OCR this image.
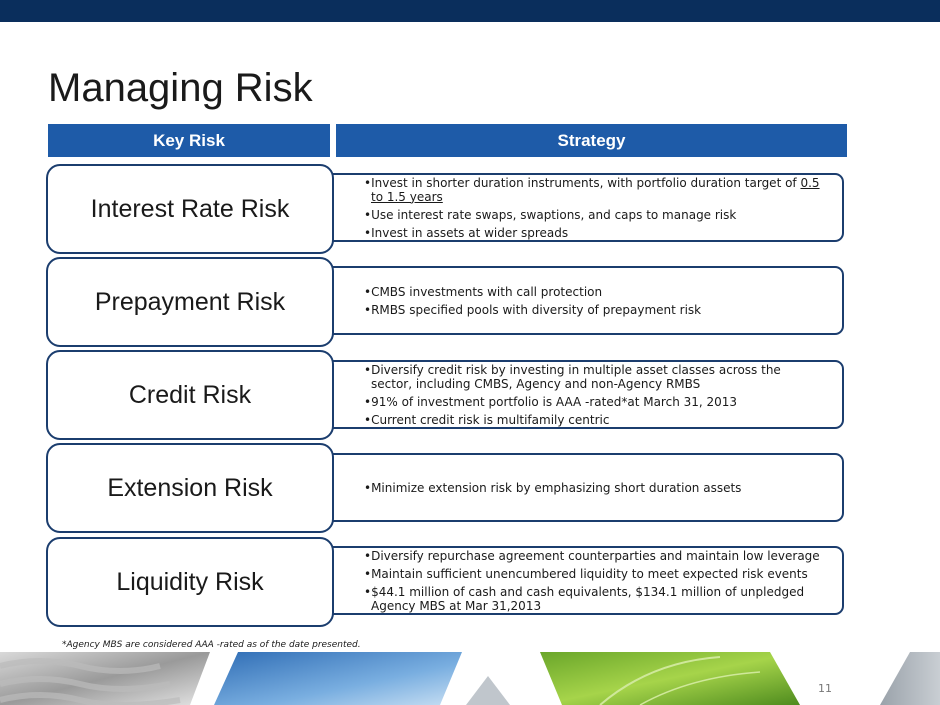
Managing Risk
Key Risk	Strategy
•Invest in shorter duration instruments, with portfolio duration target of 0.5 to 1.5 years
•Use interest rate swaps, swaptions, and caps to manage risk
•Invest in assets at wider spreads
Interest Rate Risk
•CMBS investments with call protection
•RMBS specified pools with diversity of prepayment risk
Prepayment Risk
•Diversify credit risk by investing in multiple asset classes across the sector, including CMBS, Agency and non-Agency RMBS
•91% of investment portfolio is AAA -rated*at March 31, 2013
•Current credit risk is multifamily centric
Credit Risk
•Minimize extension risk by emphasizing short duration assets
Extension Risk
•Diversify repurchase agreement counterparties and maintain low leverage
•Maintain sufficient unencumbered liquidity to meet expected risk events
•$44.1 million of cash and cash equivalents, $134.1 million of unpledged Agency MBS at Mar 31,2013
Liquidity Risk
*Agency MBS are considered AAA -rated as of the date presented.
11
